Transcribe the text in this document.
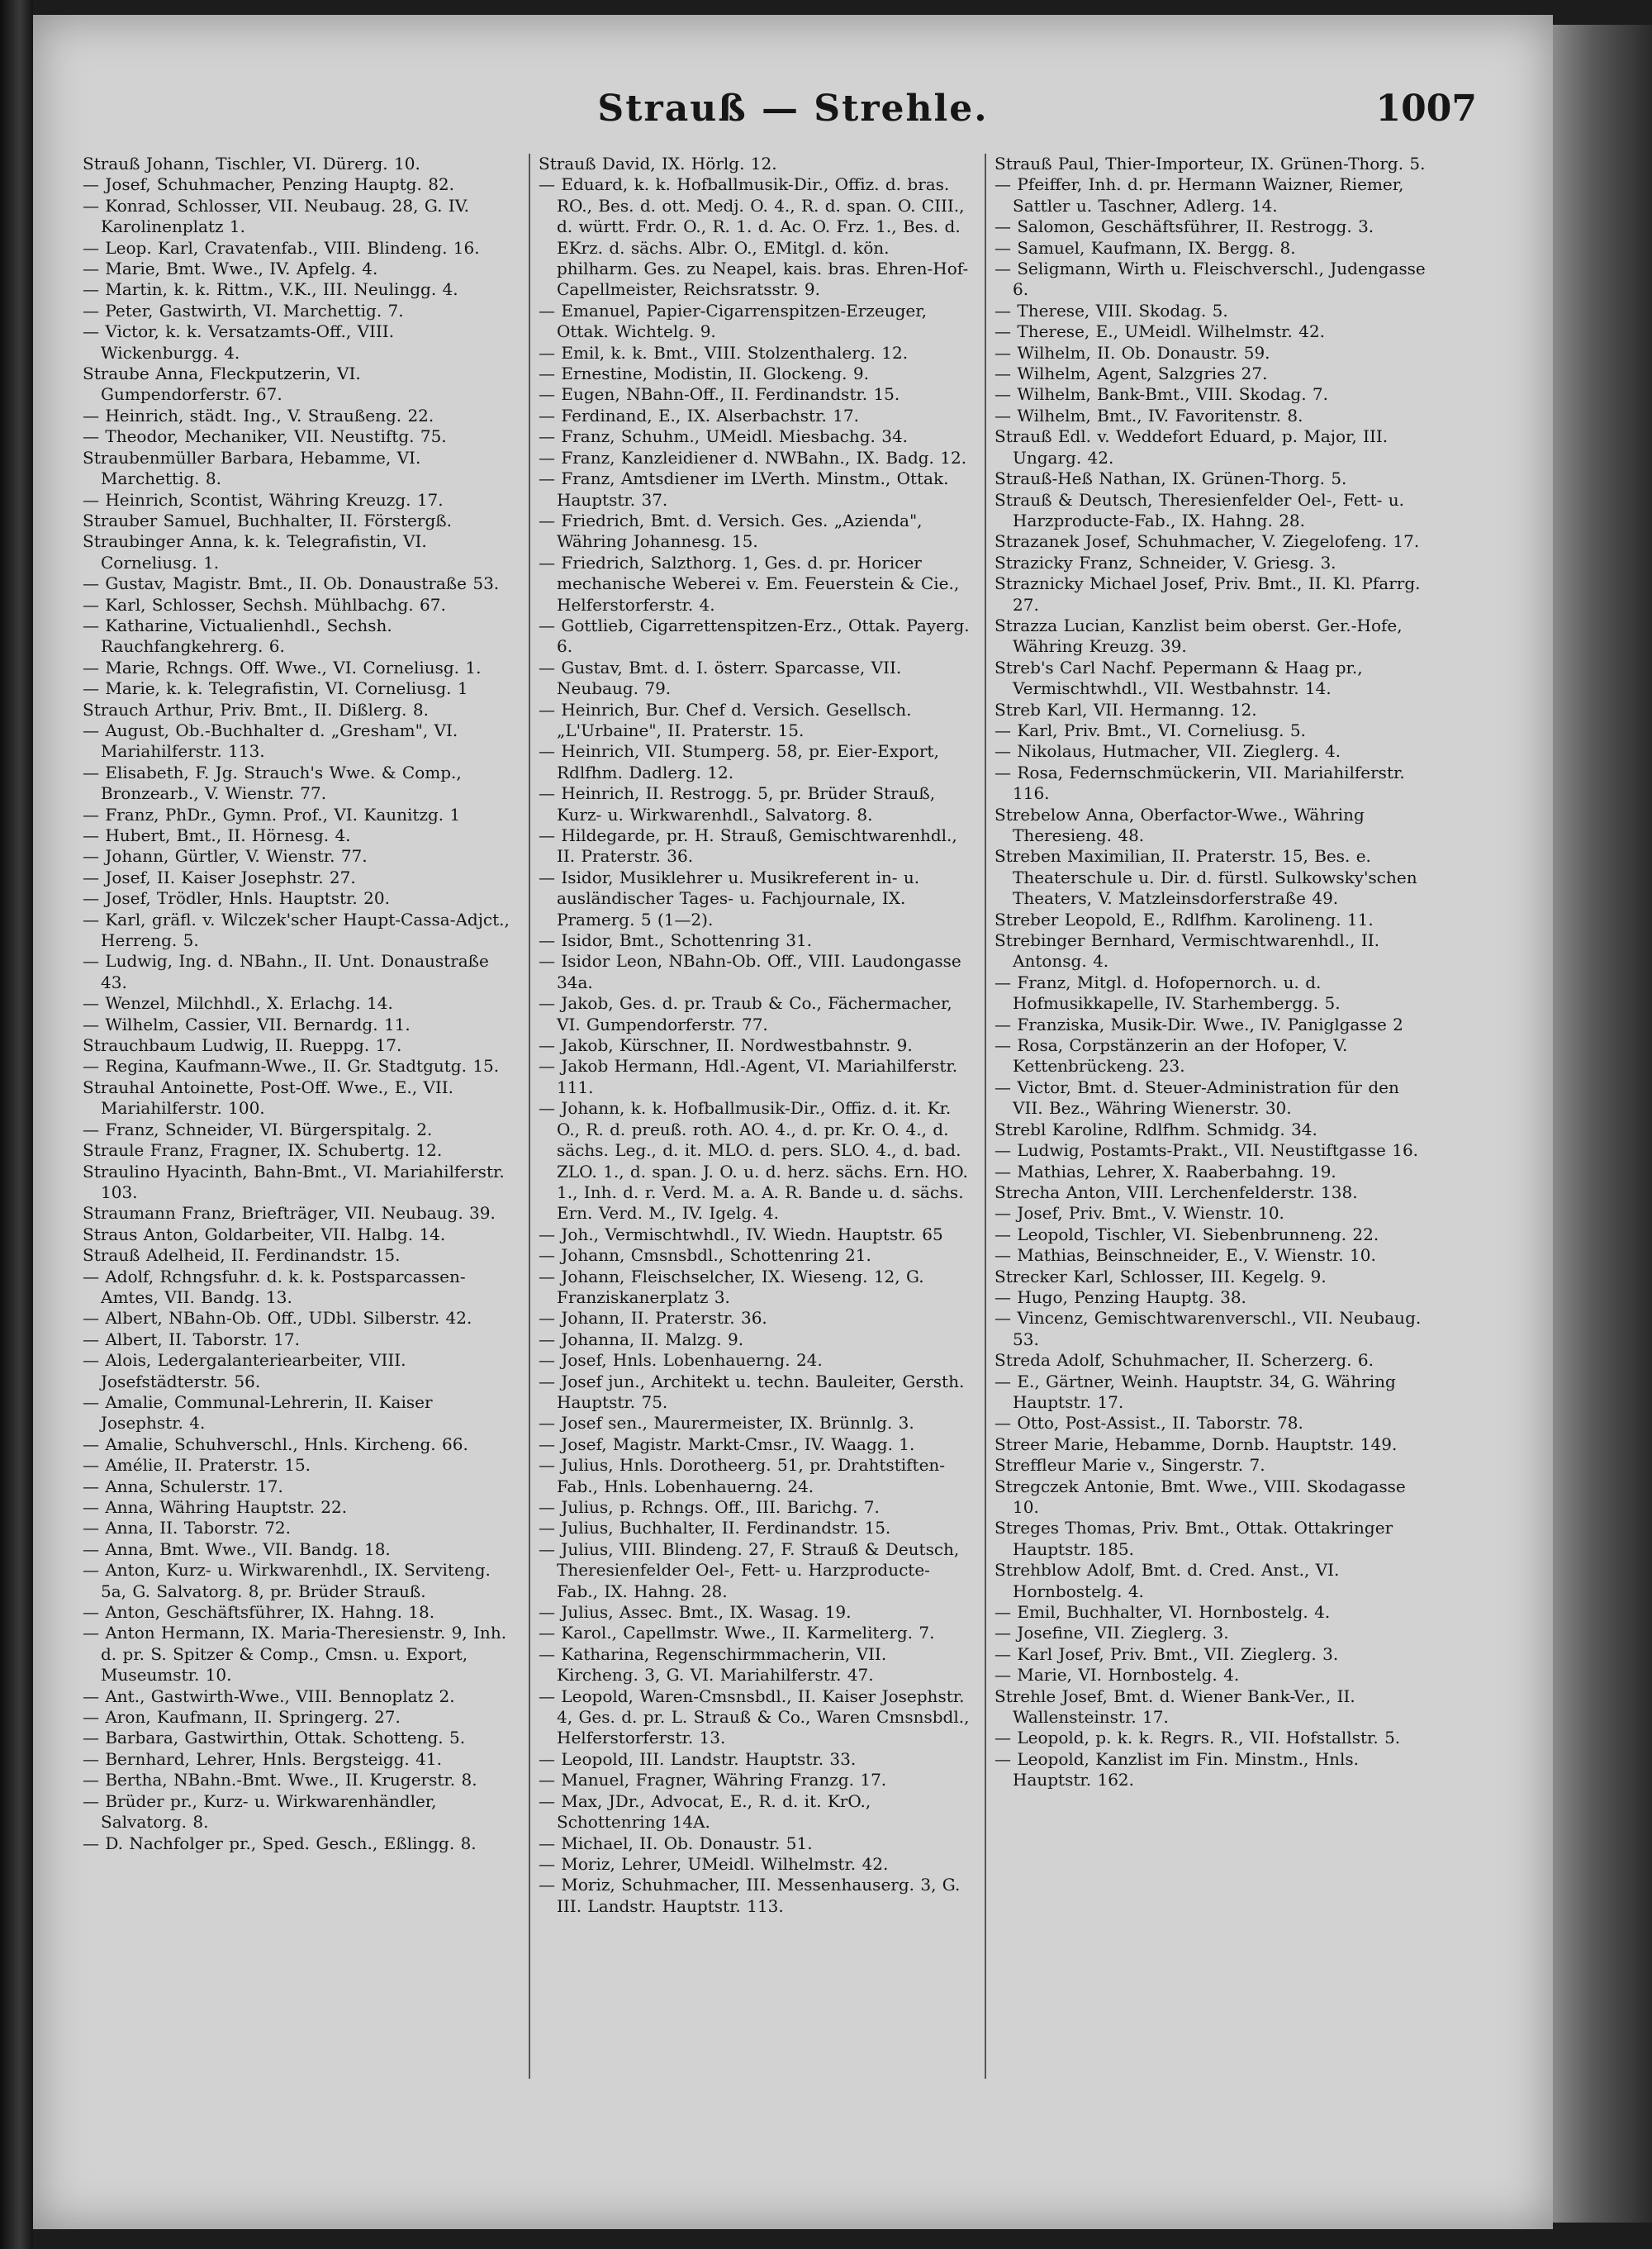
Strauß — Strehle.	1007
Strauß Johann, Tischler, VI. Dürerg. 10.
— Josef, Schuhmacher, Penzing Hauptg. 82.
— Konrad, Schlosser, VII. Neubaug. 28, G. IV. Karolinenplatz 1.
— Leop. Karl, Cravatenfab., VIII. Blindeng. 16.
— Marie, Bmt. Wwe., IV. Apfelg. 4.
— Martin, k. k. Rittm., V.K., III. Neulingg. 4.
— Peter, Gastwirth, VI. Marchettig. 7.
— Victor, k. k. Versatzamts-Off., VIII. Wickenburgg. 4.
Straube Anna, Fleckputzerin, VI. Gumpendorferstr. 67.
— Heinrich, städt. Ing., V. Straußeng. 22.
— Theodor, Mechaniker, VII. Neustiftg. 75.
Straubenmüller Barbara, Hebamme, VI. Marchettig. 8.
— Heinrich, Scontist, Währing Kreuzg. 17.
Strauber Samuel, Buchhalter, II. Förstergß.
Straubinger Anna, k. k. Telegrafistin, VI. Corneliusg. 1.
— Gustav, Magistr. Bmt., II. Ob. Donaustraße 53.
— Karl, Schlosser, Sechsh. Mühlbachg. 67.
— Katharine, Victualienhdl., Sechsh. Rauchfangkehrerg. 6.
— Marie, Rchngs. Off. Wwe., VI. Corneliusg. 1.
— Marie, k. k. Telegrafistin, VI. Corneliusg. 1
Strauch Arthur, Priv. Bmt., II. Dißlerg. 8.
— August, Ob.-Buchhalter d. „Gresham", VI. Mariahilferstr. 113.
— Elisabeth, F. Jg. Strauch's Wwe. & Comp., Bronzearb., V. Wienstr. 77.
— Franz, PhDr., Gymn. Prof., VI. Kaunitzg. 1
— Hubert, Bmt., II. Hörnesg. 4.
— Johann, Gürtler, V. Wienstr. 77.
— Josef, II. Kaiser Josephstr. 27.
— Josef, Trödler, Hnls. Hauptstr. 20.
— Karl, gräfl. v. Wilczek'scher Haupt-Cassa-Adjct., Herreng. 5.
— Ludwig, Ing. d. NBahn., II. Unt. Donaustraße 43.
— Wenzel, Milchhdl., X. Erlachg. 14.
— Wilhelm, Cassier, VII. Bernardg. 11.
Strauchbaum Ludwig, II. Rueppg. 17.
— Regina, Kaufmann-Wwe., II. Gr. Stadtgutg. 15.
Strauhal Antoinette, Post-Off. Wwe., E., VII. Mariahilferstr. 100.
— Franz, Schneider, VI. Bürgerspitalg. 2.
Straule Franz, Fragner, IX. Schubertg. 12.
Straulino Hyacinth, Bahn-Bmt., VI. Mariahilferstr. 103.
Straumann Franz, Briefträger, VII. Neubaug. 39.
Straus Anton, Goldarbeiter, VII. Halbg. 14.
Strauß Adelheid, II. Ferdinandstr. 15.
— Adolf, Rchngsfuhr. d. k. k. Postsparcassen-Amtes, VII. Bandg. 13.
— Albert, NBahn-Ob. Off., UDbl. Silberstr. 42.
— Albert, II. Taborstr. 17.
— Alois, Ledergalanteriearbeiter, VIII. Josefstädterstr. 56.
— Amalie, Communal-Lehrerin, II. Kaiser Josephstr. 4.
— Amalie, Schuhverschl., Hnls. Kircheng. 66.
— Amélie, II. Praterstr. 15.
— Anna, Schulerstr. 17.
— Anna, Währing Hauptstr. 22.
— Anna, II. Taborstr. 72.
— Anna, Bmt. Wwe., VII. Bandg. 18.
— Anton, Kurz- u. Wirkwarenhdl., IX. Servitеng. 5a, G. Salvatorg. 8, pr. Brüder Strauß.
— Anton, Geschäftsführer, IX. Hahng. 18.
— Anton Hermann, IX. Maria-Theresienstr. 9, Inh. d. pr. S. Spitzer & Comp., Cmsn. u. Export, Museumstr. 10.
— Ant., Gastwirth-Wwe., VIII. Bennoplatz 2.
— Aron, Kaufmann, II. Springerg. 27.
— Barbara, Gastwirthin, Ottak. Schotteng. 5.
— Bernhard, Lehrer, Hnls. Bergsteigg. 41.
— Bertha, NBahn.-Bmt. Wwe., II. Krugerstr. 8.
— Brüder pr., Kurz- u. Wirkwarenhändler, Salvatorg. 8.
— D. Nachfolger pr., Sped. Gesch., Eßlingg. 8.
Strauß David, IX. Hörlg. 12.
— Eduard, k. k. Hofballmusik-Dir., Offiz. d. bras. RO., Bes. d. ott. Medj. O. 4., R. d. span. O. CIII., d. württ. Frdr. O., R. 1. d. Ac. O. Frz. 1., Bes. d. EKrz. d. sächs. Albr. O., EMitgl. d. kön. philharm. Ges. zu Neapel, kais. bras. Ehren-Hof-Capellmeister, Reichsratsstr. 9.
— Emanuel, Papier-Cigarrenspitzen-Erzeuger, Ottak. Wichtelg. 9.
— Emil, k. k. Bmt., VIII. Stolzenthalerg. 12.
— Ernestine, Modistin, II. Glockeng. 9.
— Eugen, NBahn-Off., II. Ferdinandstr. 15.
— Ferdinand, E., IX. Alserbachstr. 17.
— Franz, Schuhm., UMeidl. Miesbachg. 34.
— Franz, Kanzleidiener d. NWBahn., IX. Badg. 12.
— Franz, Amtsdiener im LVerth. Minstm., Ottak. Hauptstr. 37.
— Friedrich, Bmt. d. Versich. Ges. „Azienda", Währing Johannesg. 15.
— Friedrich, Salzthorg. 1, Ges. d. pr. Horicer mechanische Weberei v. Em. Feuerstein & Cie., Helferstorferstr. 4.
— Gottlieb, Cigarrettenspitzen-Erz., Ottak. Payerg. 6.
— Gustav, Bmt. d. I. österr. Sparcasse, VII. Neubaug. 79.
— Heinrich, Bur. Chef d. Versich. Gesellsch. „L'Urbaine", II. Praterstr. 15.
— Heinrich, VII. Stumperg. 58, pr. Eier-Export, Rdlfhm. Dadlerg. 12.
— Heinrich, II. Restrogg. 5, pr. Brüder Strauß, Kurz- u. Wirkwarenhdl., Salvatorg. 8.
— Hildegarde, pr. H. Strauß, Gemischtwarenhdl., II. Praterstr. 36.
— Isidor, Musiklehrer u. Musikreferent in- u. ausländischer Tages- u. Fachjournale, IX. Pramerg. 5 (1—2).
— Isidor, Bmt., Schottenring 31.
— Isidor Leon, NBahn-Ob. Off., VIII. Laudongasse 34a.
— Jakob, Ges. d. pr. Traub & Co., Fächermacher, VI. Gumpendorferstr. 77.
— Jakob, Kürschner, II. Nordwestbahnstr. 9.
— Jakob Hermann, Hdl.-Agent, VI. Mariahilferstr. 111.
— Johann, k. k. Hofballmusik-Dir., Offiz. d. it. Kr. O., R. d. preuß. roth. AO. 4., d. pr. Kr. O. 4., d. sächs. Leg., d. it. MLO. d. pers. SLO. 4., d. bad. ZLO. 1., d. span. J. O. u. d. herz. sächs. Ern. HO. 1., Inh. d. r. Verd. M. a. A. R. Bande u. d. sächs. Ern. Verd. M., IV. Igelg. 4.
— Joh., Vermischtwhdl., IV. Wiedn. Hauptstr. 65
— Johann, Cmsnsbdl., Schottenring 21.
— Johann, Fleischselcher, IX. Wieseng. 12, G. Franziskanerplatz 3.
— Johann, II. Praterstr. 36.
— Johanna, II. Malzg. 9.
— Josef, Hnls. Lobenhauerng. 24.
— Josef jun., Architekt u. techn. Bauleiter, Gersth. Hauptstr. 75.
— Josef sen., Maurermeister, IX. Brünnlg. 3.
— Josef, Magistr. Markt-Cmsr., IV. Waagg. 1.
— Julius, Hnls. Dorotheerg. 51, pr. Drahtstiften-Fab., Hnls. Lobenhauerng. 24.
— Julius, p. Rchngs. Off., III. Barichg. 7.
— Julius, Buchhalter, II. Ferdinandstr. 15.
— Julius, VIII. Blindeng. 27, F. Strauß & Deutsch, Theresienfelder Oel-, Fett- u. Harzproducte-Fab., IX. Hahng. 28.
— Julius, Assec. Bmt., IX. Wasag. 19.
— Karol., Capellmstr. Wwe., II. Karmeliterg. 7.
— Katharina, Regenschirmmacherin, VII. Kircheng. 3, G. VI. Mariahilferstr. 47.
— Leopold, Waren-Cmsnsbdl., II. Kaiser Josephstr. 4, Ges. d. pr. L. Strauß & Co., Waren Cmsnsbdl., Helferstorferstr. 13.
— Leopold, III. Landstr. Hauptstr. 33.
— Manuel, Fragner, Währing Franzg. 17.
— Max, JDr., Advocat, E., R. d. it. KrO., Schottenring 14A.
— Michael, II. Ob. Donaustr. 51.
— Moriz, Lehrer, UMeidl. Wilhelmstr. 42.
— Moriz, Schuhmacher, III. Messenhauserg. 3, G. III. Landstr. Hauptstr. 113.
Strauß Paul, Thier-Importeur, IX. Grünen-Thorg. 5.
— Pfeiffer, Inh. d. pr. Hermann Waizner, Riemer, Sattler u. Taschner, Adlerg. 14.
— Salomon, Geschäftsführer, II. Restrogg. 3.
— Samuel, Kaufmann, IX. Bergg. 8.
— Seligmann, Wirth u. Fleischverschl., Judengasse 6.
— Therese, VIII. Skodag. 5.
— Therese, E., UMeidl. Wilhelmstr. 42.
— Wilhelm, II. Ob. Donaustr. 59.
— Wilhelm, Agent, Salzgries 27.
— Wilhelm, Bank-Bmt., VIII. Skodag. 7.
— Wilhelm, Bmt., IV. Favoritenstr. 8.
Strauß Edl. v. Weddefort Eduard, p. Major, III. Ungarg. 42.
Strauß-Heß Nathan, IX. Grünen-Thorg. 5.
Strauß & Deutsch, Theresienfelder Oel-, Fett- u. Harzproducte-Fab., IX. Hahng. 28.
Strazanek Josef, Schuhmacher, V. Ziegelofeng. 17.
Strazicky Franz, Schneider, V. Griesg. 3.
Straznicky Michael Josef, Priv. Bmt., II. Kl. Pfarrg. 27.
Strazza Lucian, Kanzlist beim oberst. Ger.-Hofe, Währing Kreuzg. 39.
Streb's Carl Nachf. Pepermann & Haag pr., Vermischtwhdl., VII. Westbahnstr. 14.
Streb Karl, VII. Hermanng. 12.
— Karl, Priv. Bmt., VI. Corneliusg. 5.
— Nikolaus, Hutmacher, VII. Zieglerg. 4.
— Rosa, Federnschmückerin, VII. Mariahilferstr. 116.
Strebelow Anna, Oberfactor-Wwe., Währing Theresieng. 48.
Streben Maximilian, II. Praterstr. 15, Bes. e. Theaterschule u. Dir. d. fürstl. Sulkowsky'schen Theaters, V. Matzleinsdorferstraße 49.
Streber Leopold, E., Rdlfhm. Karolineng. 11.
Strebinger Bernhard, Vermischtwarenhdl., II. Antonsg. 4.
— Franz, Mitgl. d. Hofopernorch. u. d. Hofmusikkapelle, IV. Starhembergg. 5.
— Franziska, Musik-Dir. Wwe., IV. Paniglgasse 2
— Rosa, Corpstänzerin an der Hofoper, V. Kettenbrückeng. 23.
— Victor, Bmt. d. Steuer-Administration für den VII. Bez., Währing Wienerstr. 30.
Strebl Karoline, Rdlfhm. Schmidg. 34.
— Ludwig, Postamts-Prakt., VII. Neustiftgasse 16.
— Mathias, Lehrer, X. Raaberbahng. 19.
Strecha Anton, VIII. Lerchenfelderstr. 138.
— Josef, Priv. Bmt., V. Wienstr. 10.
— Leopold, Tischler, VI. Siebenbrunneng. 22.
— Mathias, Beinschneider, E., V. Wienstr. 10.
Strecker Karl, Schlosser, III. Kegelg. 9.
— Hugo, Penzing Hauptg. 38.
— Vincenz, Gemischtwarenverschl., VII. Neubaug. 53.
Streda Adolf, Schuhmacher, II. Scherzerg. 6.
— E., Gärtner, Weinh. Hauptstr. 34, G. Währing Hauptstr. 17.
— Otto, Post-Assist., II. Taborstr. 78.
Streer Marie, Hebamme, Dornb. Hauptstr. 149.
Streffleur Marie v., Singerstr. 7.
Stregczek Antonie, Bmt. Wwe., VIII. Skodagasse 10.
Streges Thomas, Priv. Bmt., Ottak. Ottakringer Hauptstr. 185.
Strehblow Adolf, Bmt. d. Cred. Anst., VI. Hornbostelg. 4.
— Emil, Buchhalter, VI. Hornbostelg. 4.
— Josefine, VII. Zieglerg. 3.
— Karl Josef, Priv. Bmt., VII. Zieglerg. 3.
— Marie, VI. Hornbostelg. 4.
Strehle Josef, Bmt. d. Wiener Bank-Ver., II. Wallensteinstr. 17.
— Leopold, p. k. k. Regrs. R., VII. Hofstallstr. 5.
— Leopold, Kanzlist im Fin. Minstm., Hnls. Hauptstr. 162.
